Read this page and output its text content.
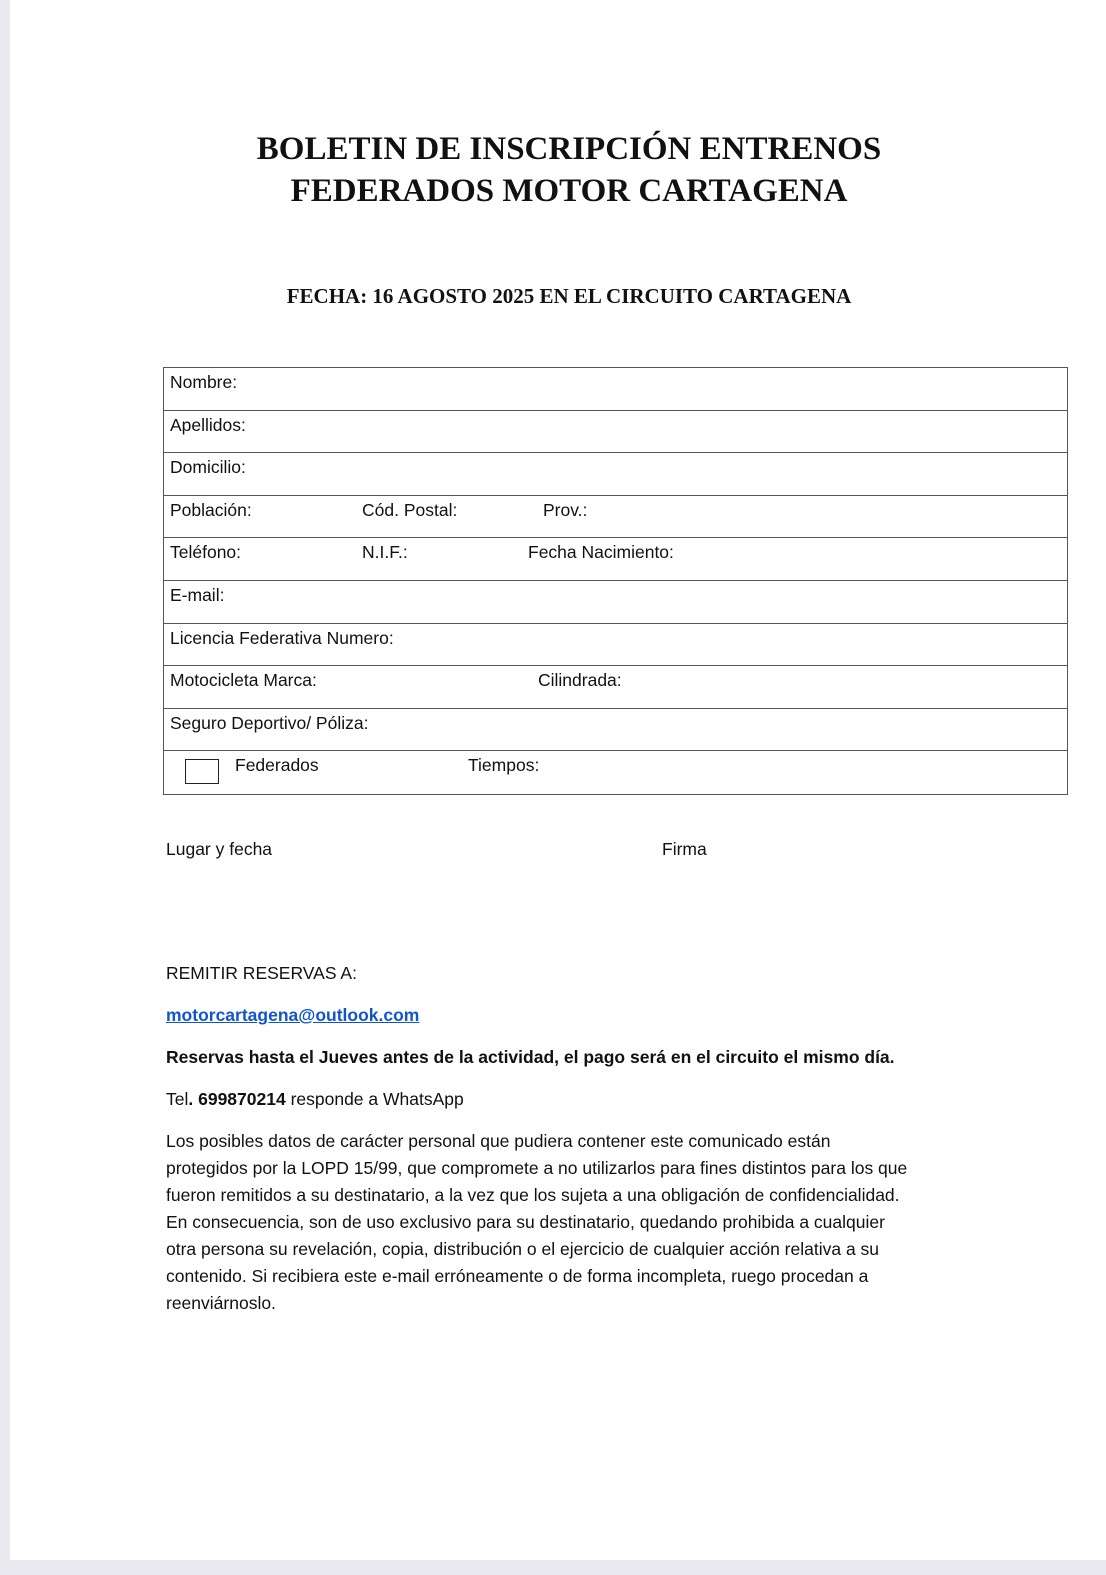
BOLETIN DE INSCRIPCIÓN ENTRENOS
FEDERADOS MOTOR CARTAGENA
FECHA: 16 AGOSTO 2025 EN EL CIRCUITO CARTAGENA
Nombre:
Apellidos:
Domicilio:
Población:	Cód. Postal:	Prov.:
Teléfono:	N.I.F.:	Fecha Nacimiento:
E-mail:
Licencia Federativa Numero:
Motocicleta Marca:	Cilindrada:
Seguro Deportivo/ Póliza:
Federados	Tiempos:
Lugar y fecha	Firma
REMITIR RESERVAS A:
motorcartagena@outlook.com
Reservas hasta el Jueves antes de la actividad, el pago será en el circuito el mismo día.
Tel. 699870214 responde a WhatsApp
Los posibles datos de carácter personal que pudiera contener este comunicado están
protegidos por la LOPD 15/99, que compromete a no utilizarlos para fines distintos para los que
fueron remitidos a su destinatario, a la vez que los sujeta a una obligación de confidencialidad.
En consecuencia, son de uso exclusivo para su destinatario, quedando prohibida a cualquier
otra persona su revelación, copia, distribución o el ejercicio de cualquier acción relativa a su
contenido. Si recibiera este e-mail erróneamente o de forma incompleta, ruego procedan a
reenviárnoslo.
